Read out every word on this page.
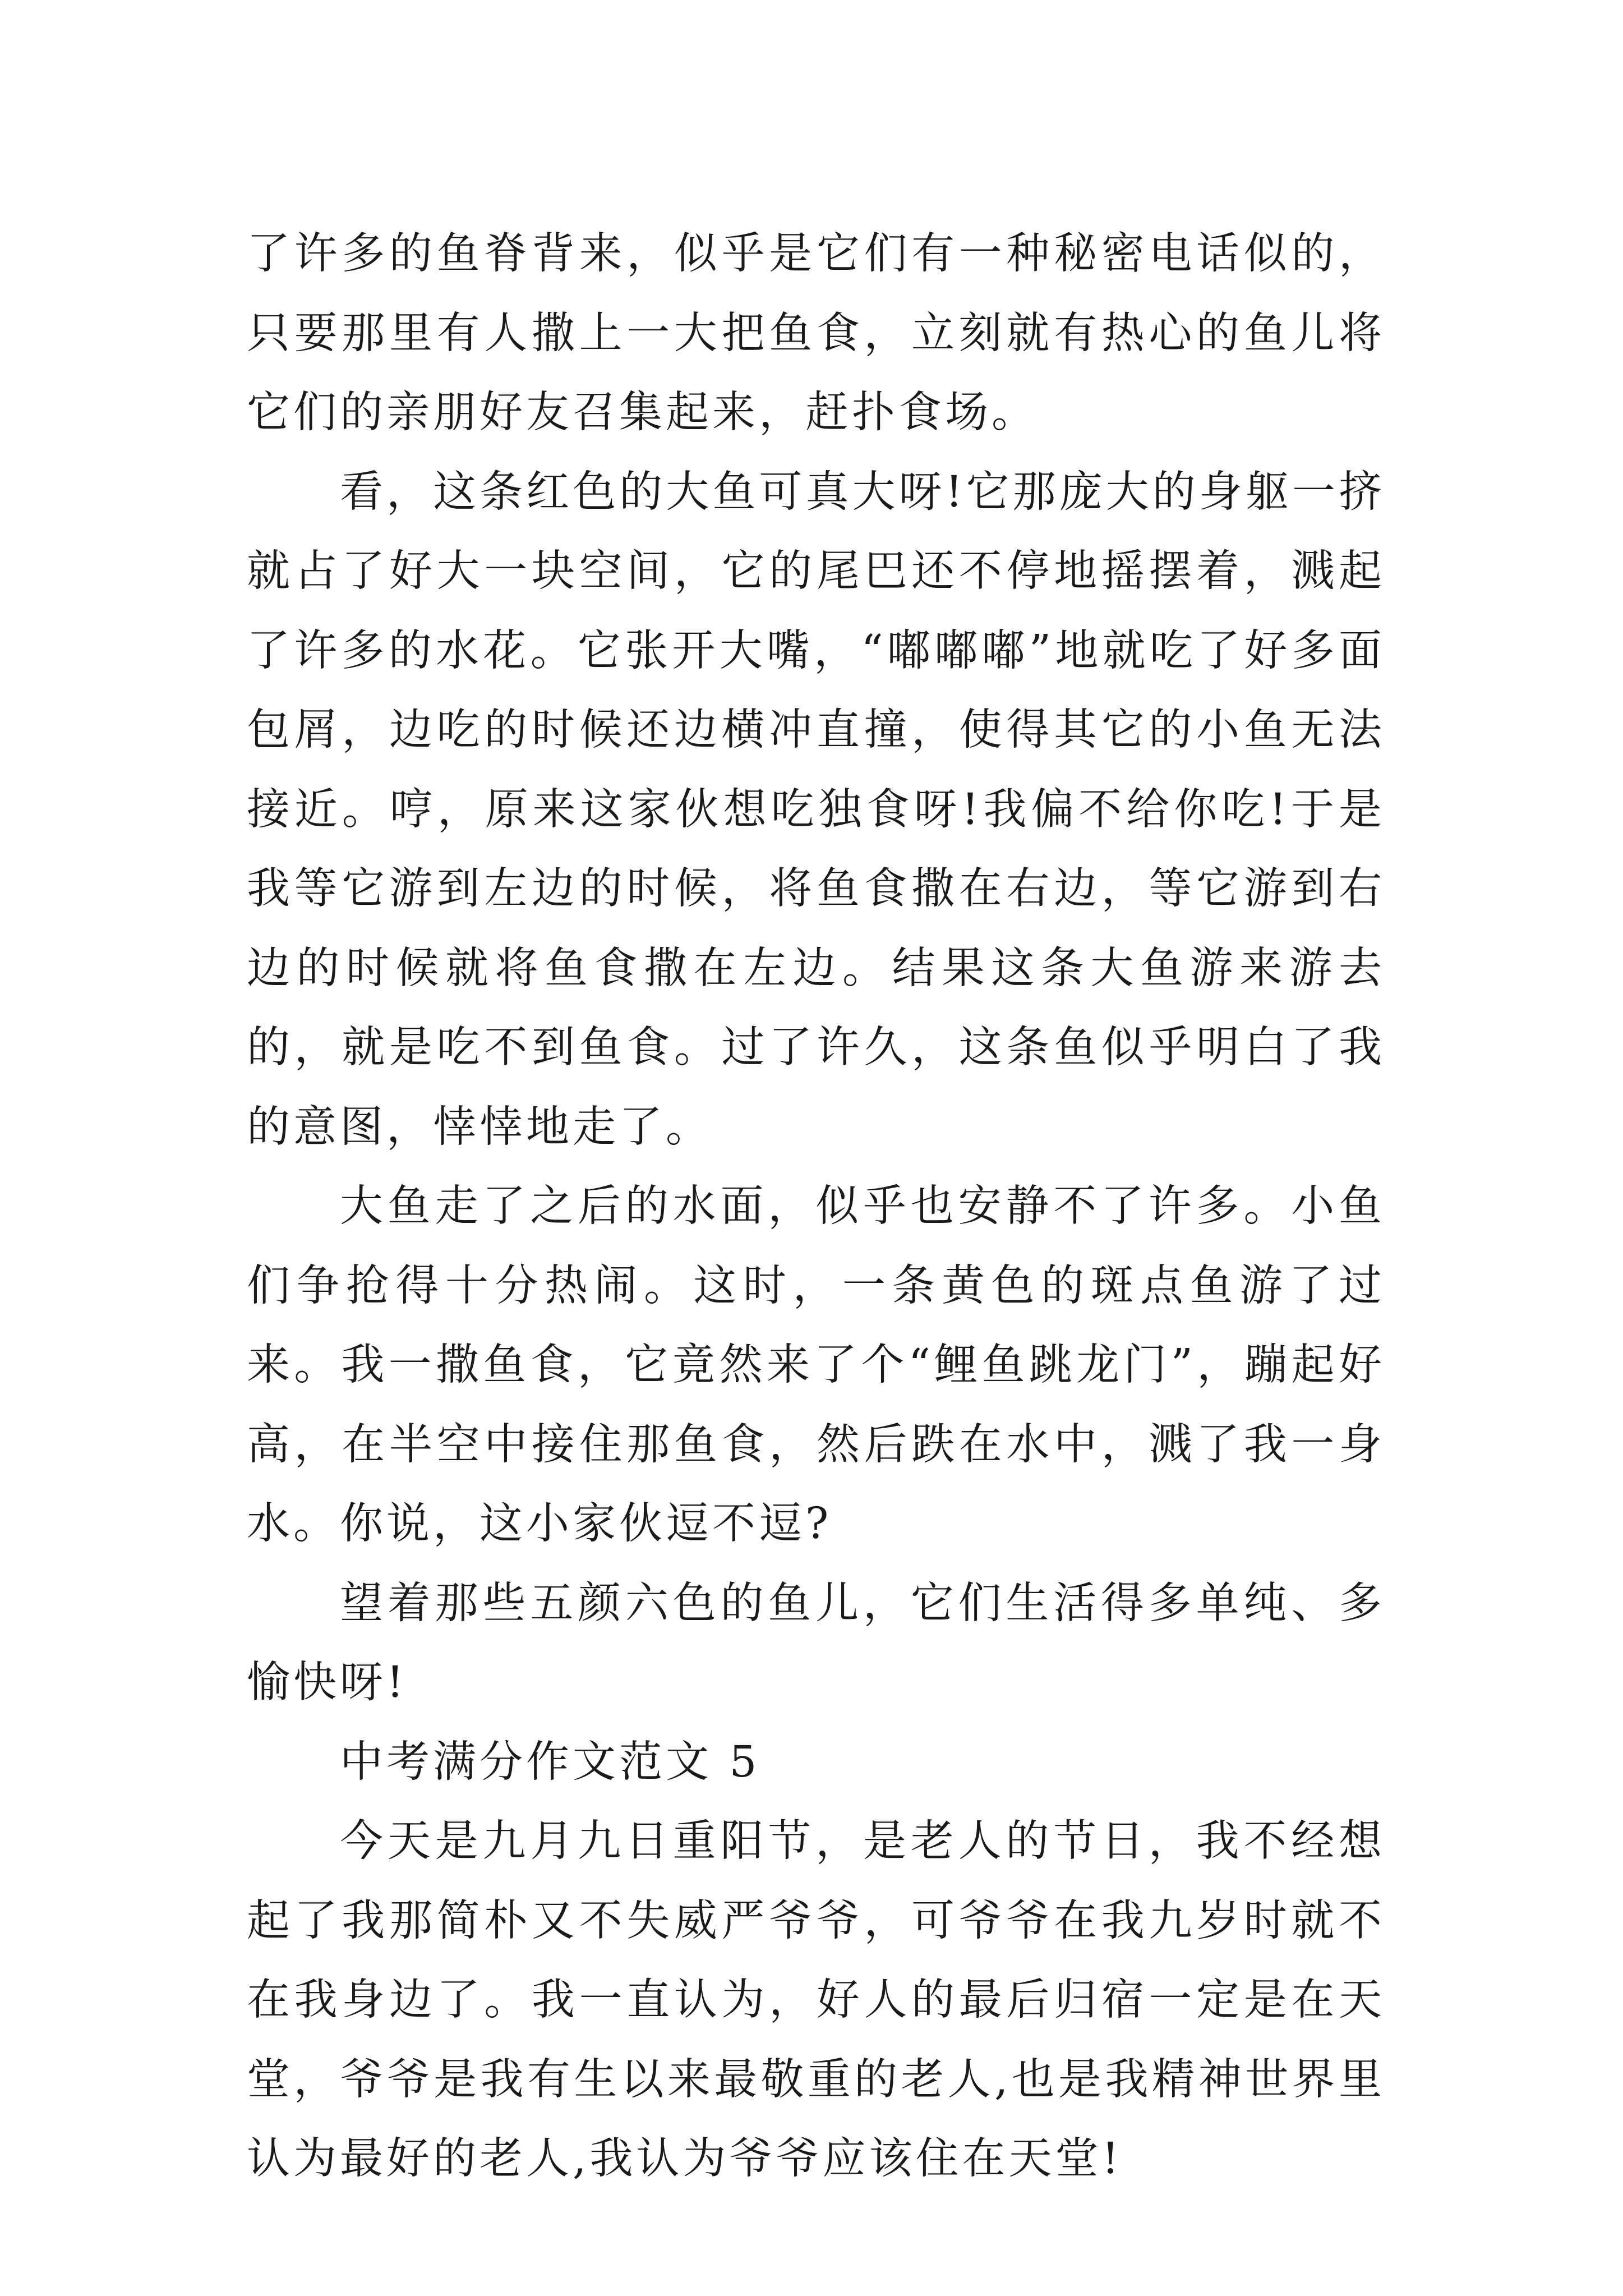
了许多的鱼脊背来，似乎是它们有一种秘密电话似的，只要那里有人撒上一大把鱼食，立刻就有热心的鱼儿将它们的亲朋好友召集起来，赶扑食场。

看，这条红色的大鱼可真大呀!它那庞大的身躯一挤就占了好大一块空间，它的尾巴还不停地摇摆着，溅起了许多的水花。它张开大嘴，“嘟嘟嘟”地就吃了好多面包屑，边吃的时候还边横冲直撞，使得其它的小鱼无法接近。哼，原来这家伙想吃独食呀!我偏不给你吃!于是我等它游到左边的时候，将鱼食撒在右边，等它游到右边的时候就将鱼食撒在左边。结果这条大鱼游来游去的，就是吃不到鱼食。过了许久，这条鱼似乎明白了我的意图，悻悻地走了。

大鱼走了之后的水面，似乎也安静不了许多。小鱼们争抢得十分热闹。这时，一条黄色的斑点鱼游了过来。我一撒鱼食，它竟然来了个“鲤鱼跳龙门”，蹦起好高，在半空中接住那鱼食，然后跌在水中，溅了我一身水。你说，这小家伙逗不逗?

望着那些五颜六色的鱼儿，它们生活得多单纯、多愉快呀!

中考满分作文范文 5

今天是九月九日重阳节，是老人的节日，我不经想起了我那简朴又不失威严爷爷，可爷爷在我九岁时就不在我身边了。我一直认为，好人的最后归宿一定是在天堂，爷爷是我有生以来最敬重的老人,也是我精神世界里认为最好的老人,我认为爷爷应该住在天堂!
